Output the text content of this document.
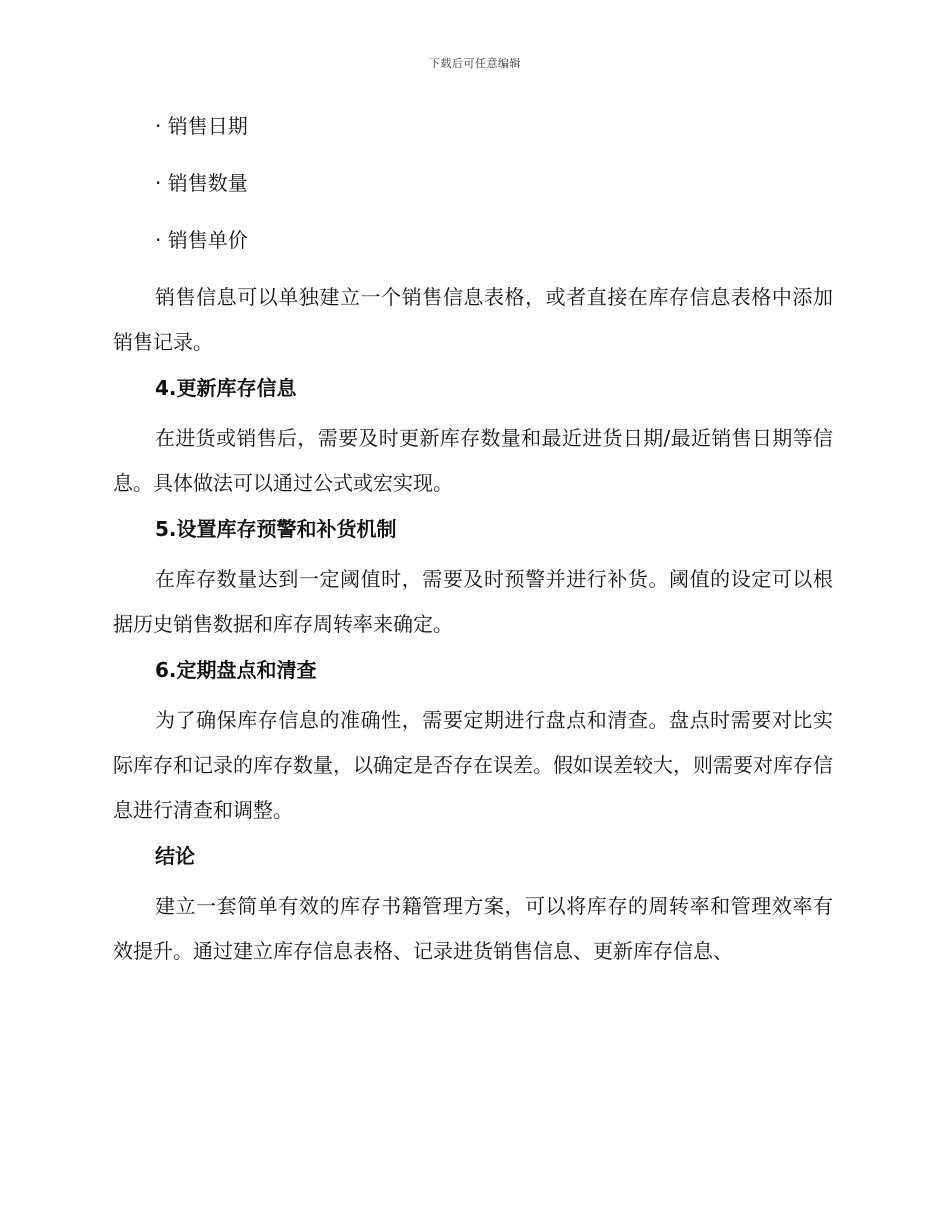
下载后可任意编辑
· 销售日期
· 销售数量
· 销售单价
销售信息可以单独建立一个销售信息表格，或者直接在库存信息表格中添加销售记录。
4.更新库存信息
在进货或销售后，需要及时更新库存数量和最近进货日期/最近销售日期等信息。具体做法可以通过公式或宏实现。
5.设置库存预警和补货机制
在库存数量达到一定阈值时，需要及时预警并进行补货。阈值的设定可以根据历史销售数据和库存周转率来确定。
6.定期盘点和清查
为了确保库存信息的准确性，需要定期进行盘点和清查。盘点时需要对比实际库存和记录的库存数量，以确定是否存在误差。假如误差较大，则需要对库存信息进行清查和调整。
结论
建立一套简单有效的库存书籍管理方案，可以将库存的周转率和管理效率有效提升。通过建立库存信息表格、记录进货销售信息、更新库存信息、
